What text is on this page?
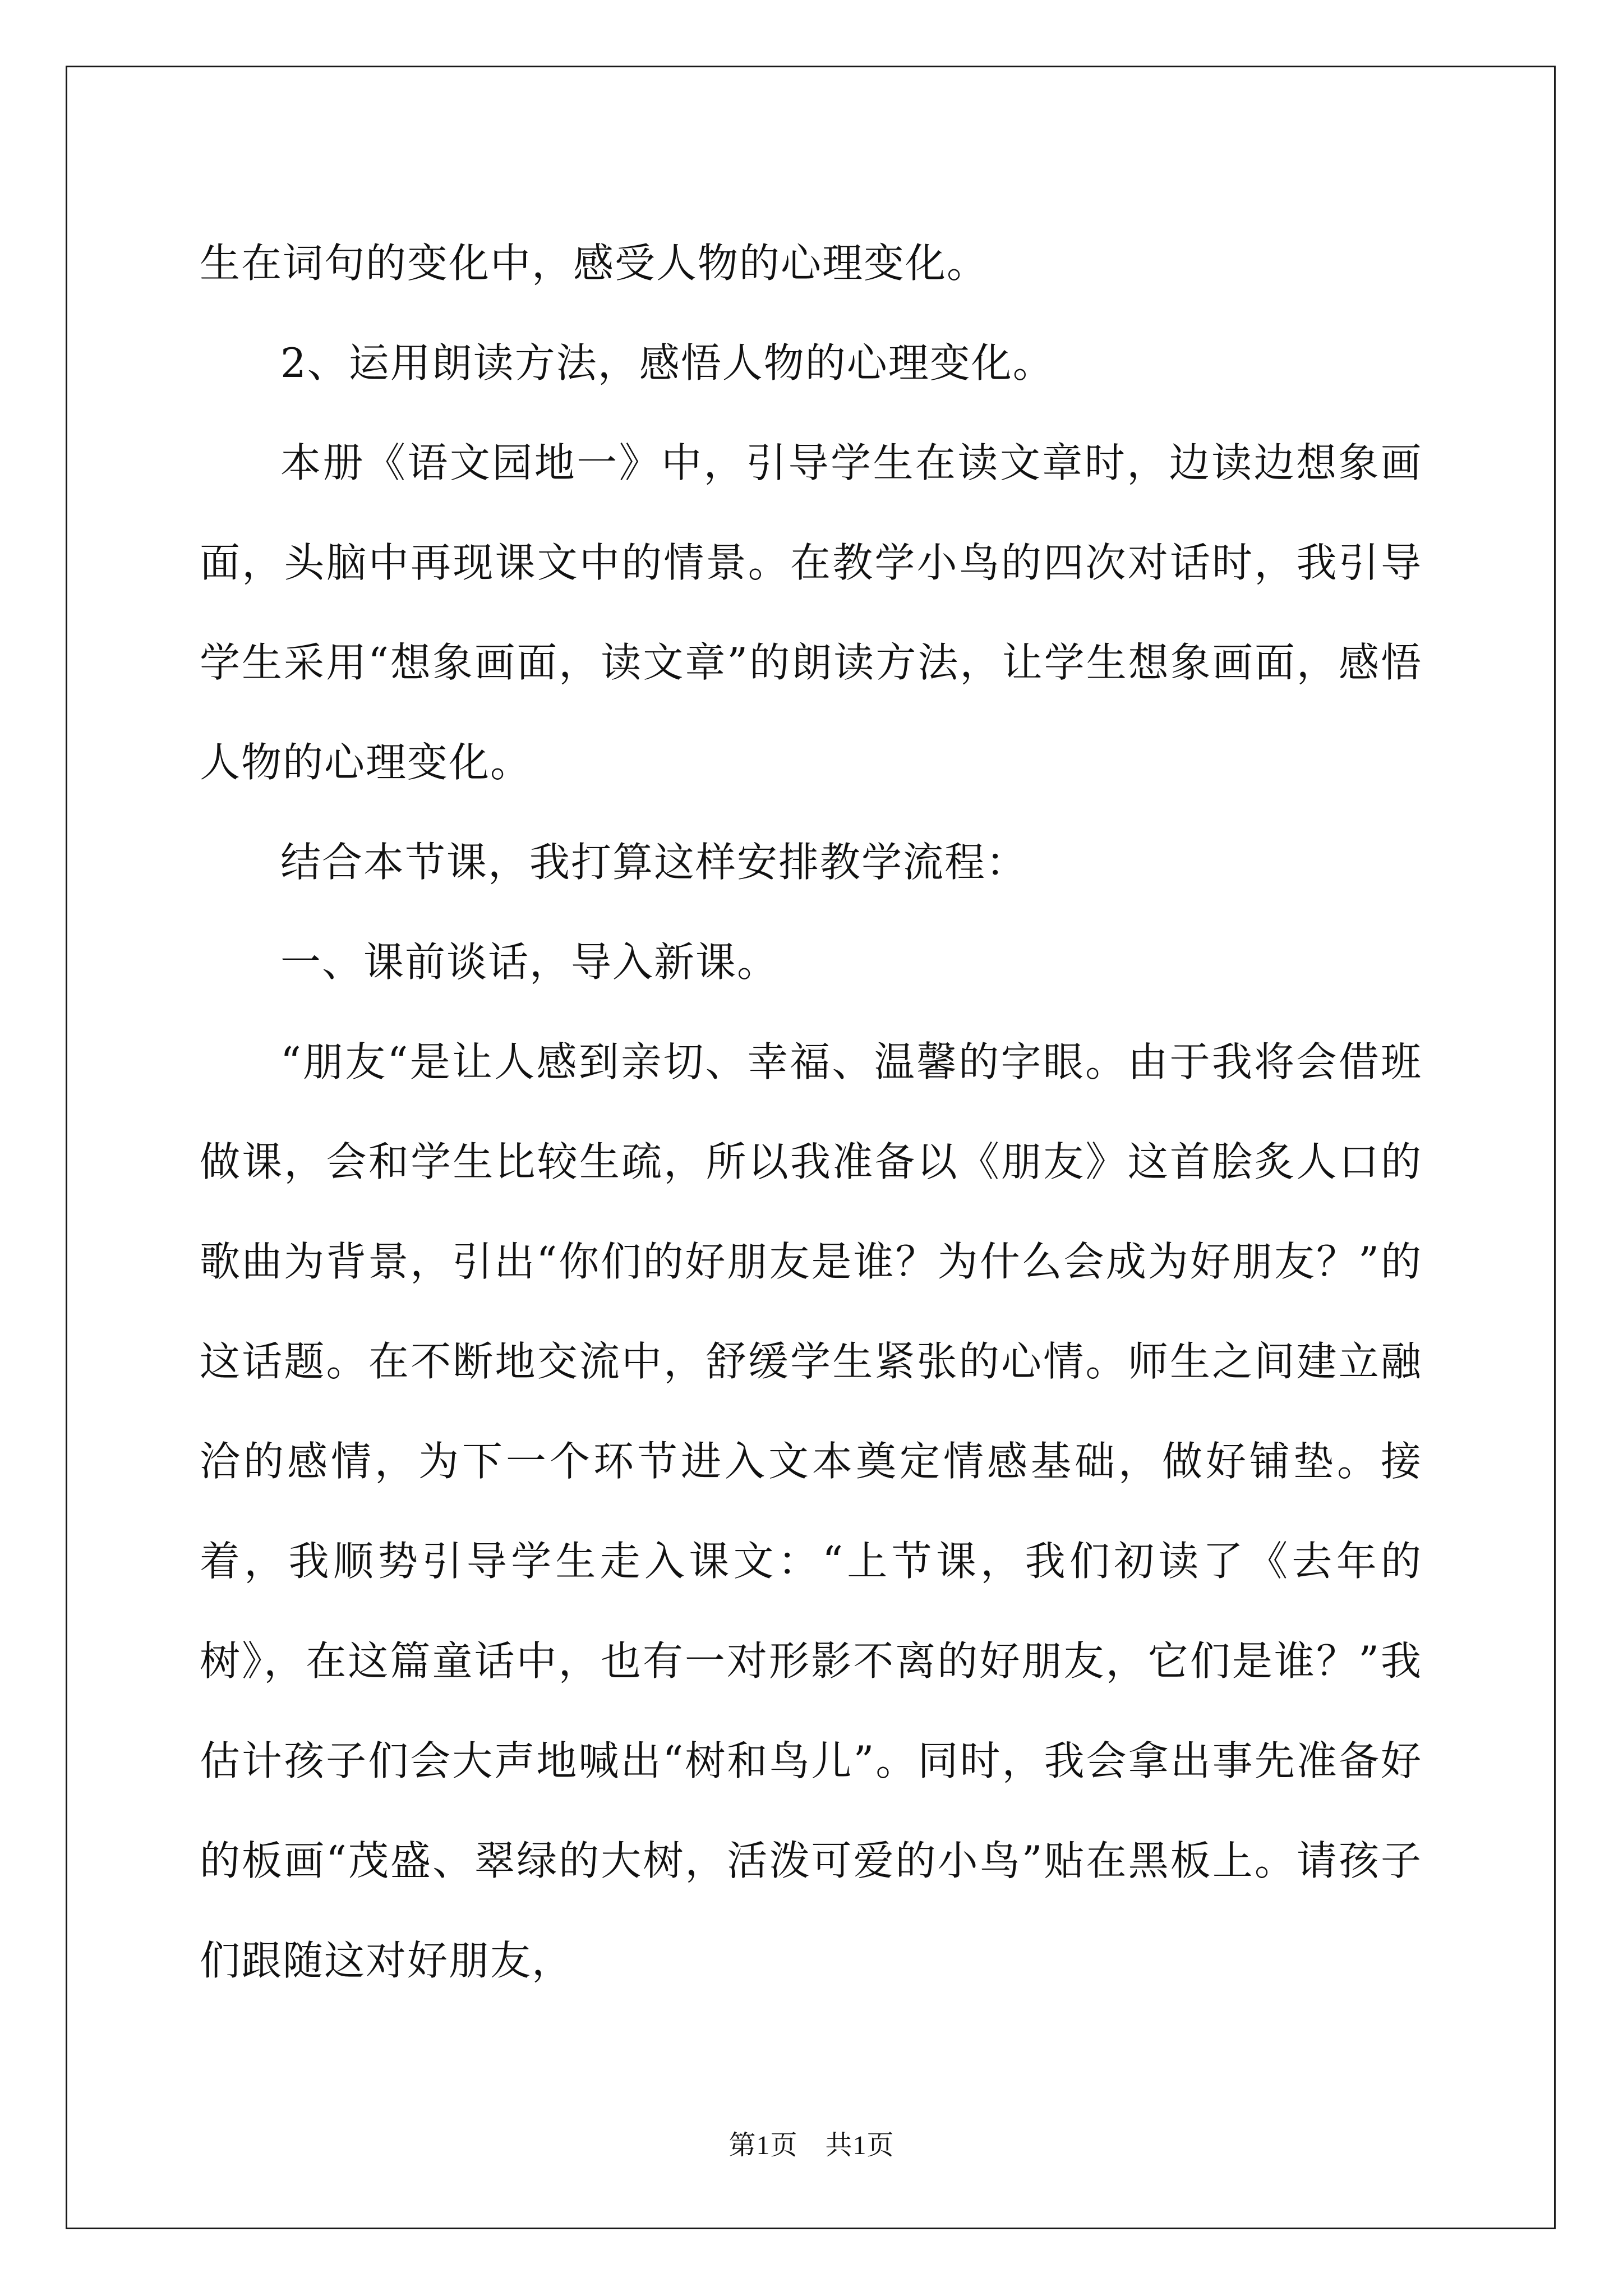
生在词句的变化中，感受人物的心理变化。

2、运用朗读方法，感悟人物的心理变化。

本册《语文园地一》中，引导学生在读文章时，边读边想象画面，头脑中再现课文中的情景。在教学小鸟的四次对话时，我引导学生采用“想象画面，读文章”的朗读方法，让学生想象画面，感悟人物的心理变化。

结合本节课，我打算这样安排教学流程：

一、课前谈话，导入新课。

“朋友“是让人感到亲切、幸福、温馨的字眼。由于我将会借班做课，会和学生比较生疏，所以我准备以《朋友》这首脍炙人口的歌曲为背景，引出“你们的好朋友是谁？为什么会成为好朋友？”的这话题。在不断地交流中，舒缓学生紧张的心情。师生之间建立融洽的感情，为下一个环节进入文本奠定情感基础，做好铺垫。接着，我顺势引导学生走入课文：“上节课，我们初读了《去年的树》，在这篇童话中，也有一对形影不离的好朋友，它们是谁？”我估计孩子们会大声地喊出“树和鸟儿”。同时，我会拿出事先准备好的板画“茂盛、翠绿的大树，活泼可爱的小鸟”贴在黑板上。请孩子们跟随这对好朋友，

第1页　共1页
